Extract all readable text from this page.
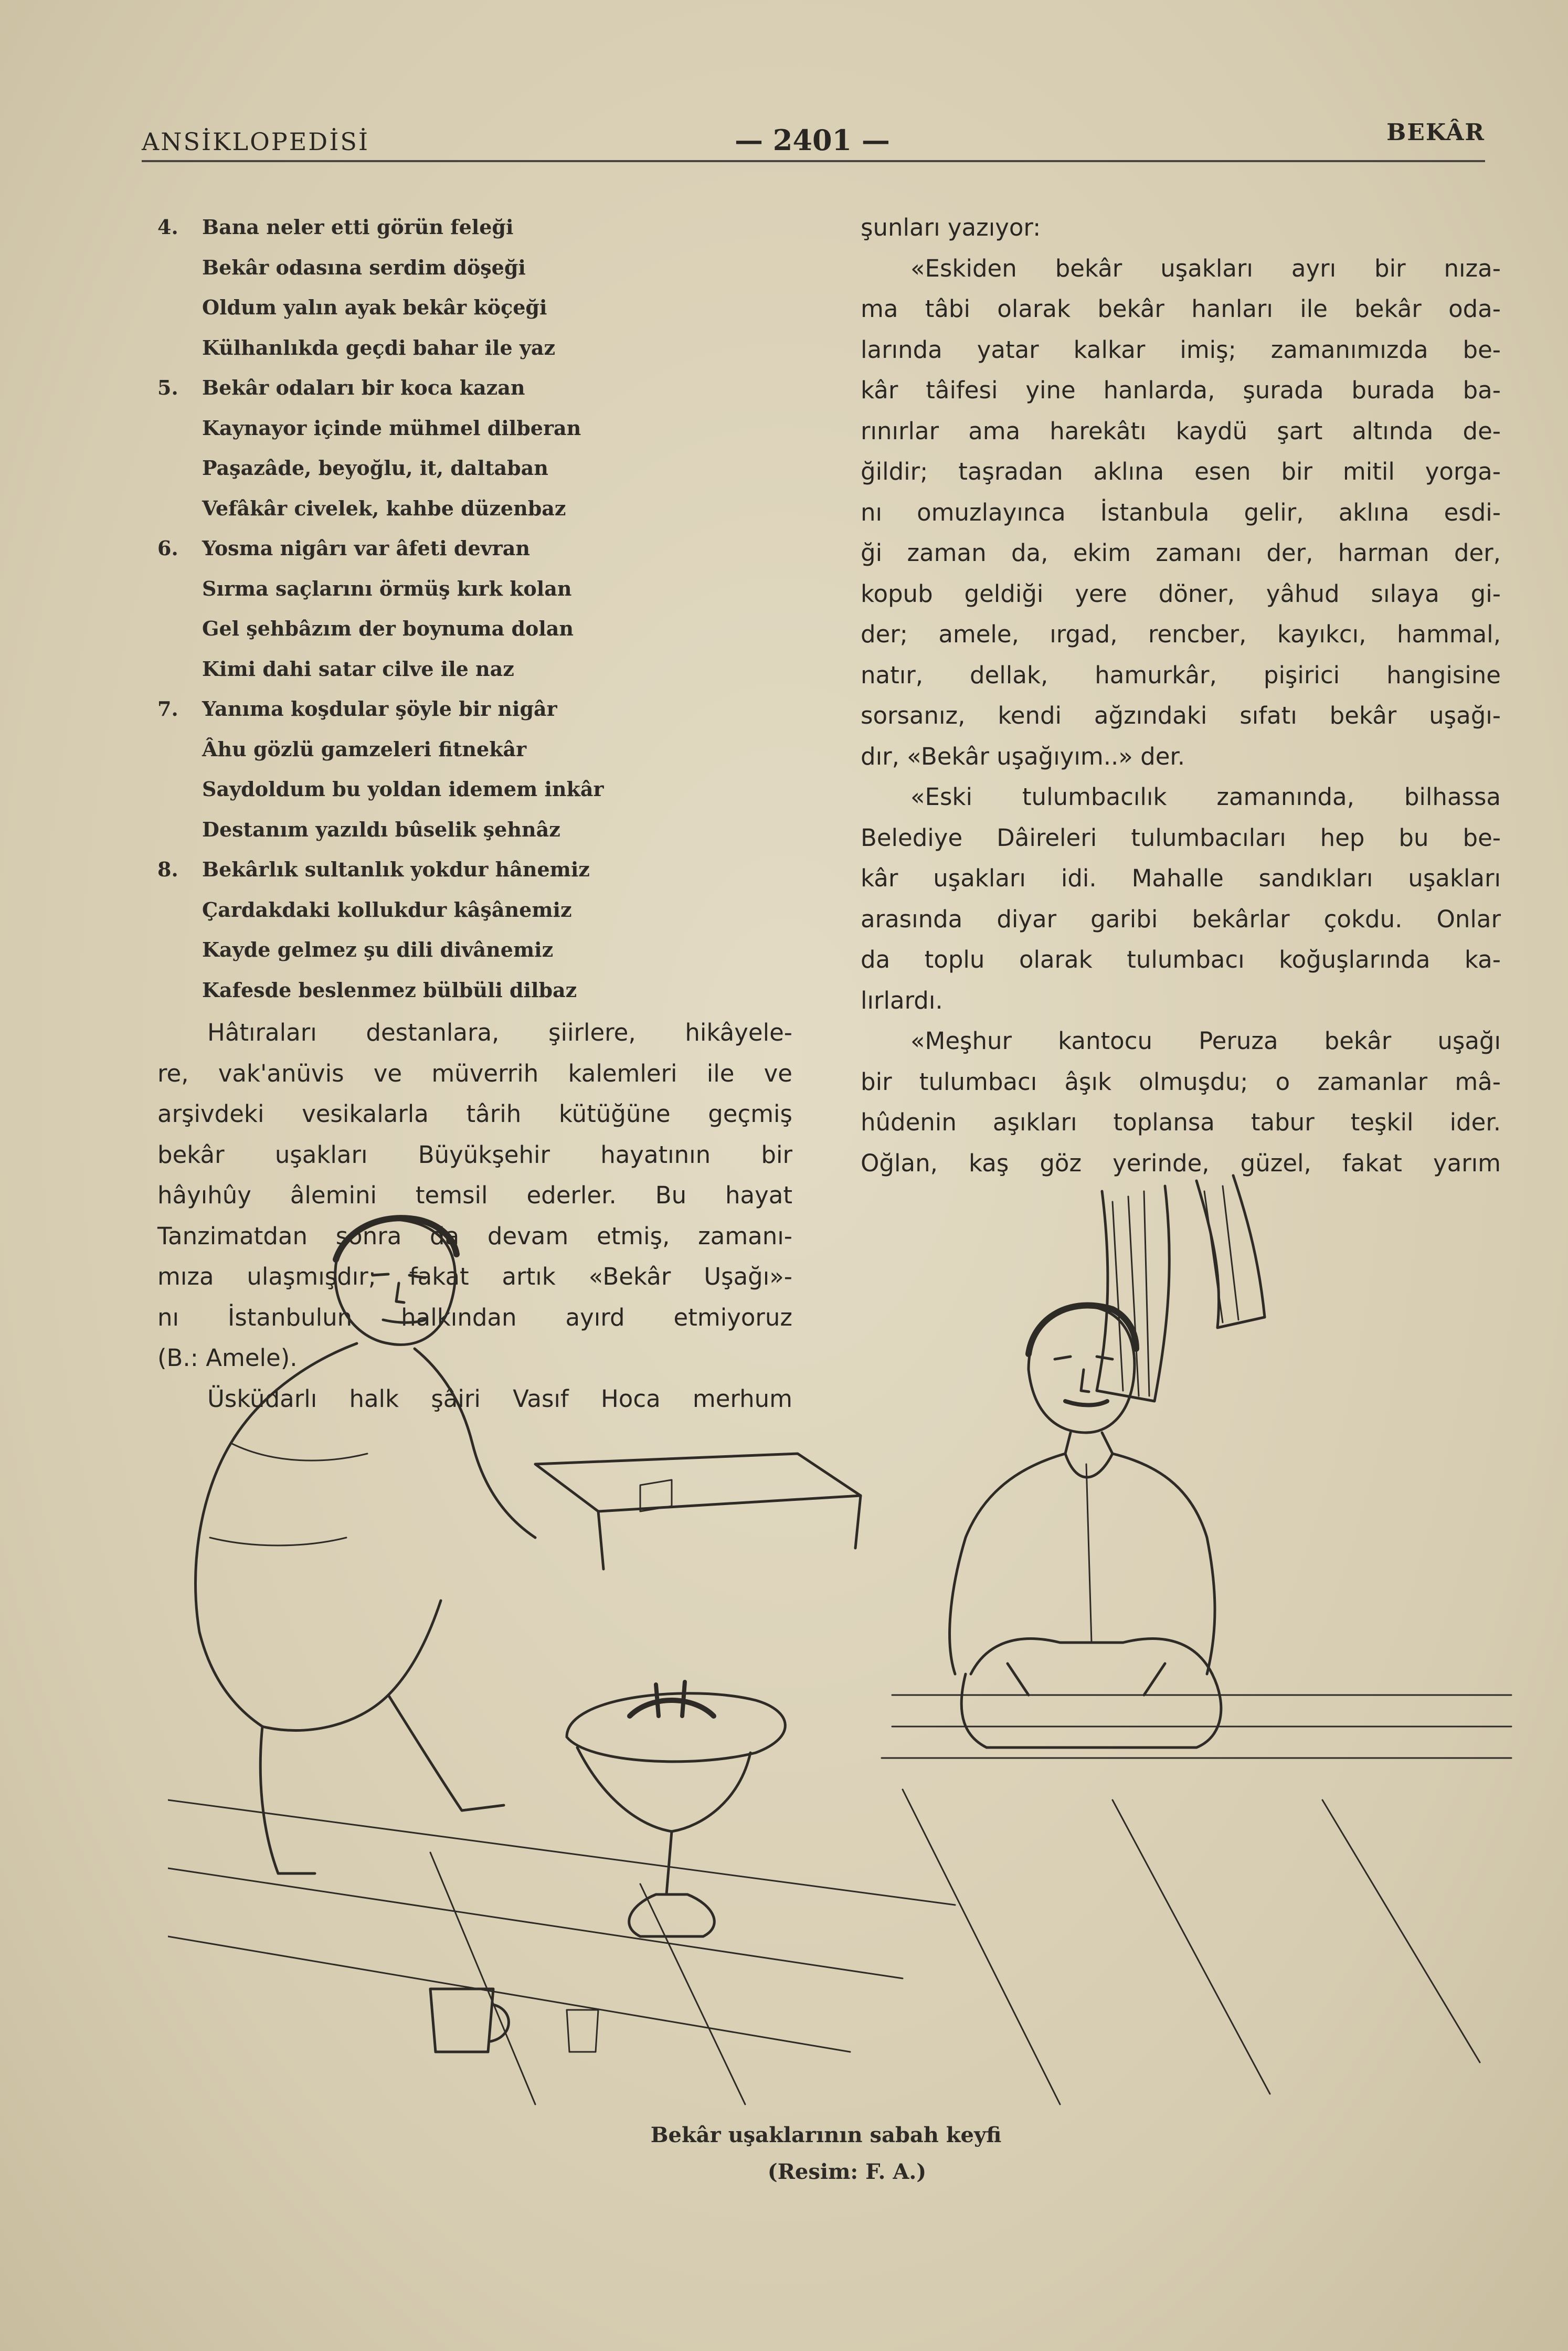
ANSİKLOPEDİSİ	— 2401 —	BEKÂR
4. Bana neler etti görün feleği
Bekâr odasına serdim döşeği
Oldum yalın ayak bekâr köçeği
Külhanlıkda geçdi bahar ile yaz
5. Bekâr odaları bir koca kazan
Kaynayor içinde mühmel dilberan
Paşazâde, beyoğlu, it, daltaban
Vefâkâr civelek, kahbe düzenbaz
6. Yosma nigârı var âfeti devran
Sırma saçlarını örmüş kırk kolan
Gel şehbâzım der boynuma dolan
Kimi dahi satar cilve ile naz
7. Yanıma koşdular şöyle bir nigâr
Âhu gözlü gamzeleri fitnekâr
Saydoldum bu yoldan idemem inkâr
Destanım yazıldı bûselik şehnâz
8. Bekârlık sultanlık yokdur hânemiz
Çardakdaki kollukdur kâşânemiz
Kayde gelmez şu dili divânemiz
Kafesde beslenmez bülbüli dilbaz
Hâtıraları destanlara, şiirlere, hikâyele-
re, vak'anüvis ve müverrih kalemleri ile ve
arşivdeki vesikalarla târih kütüğüne geçmiş
bekâr uşakları Büyükşehir hayatının bir
hâyıhûy âlemini temsil ederler. Bu hayat
Tanzimatdan sonra da devam etmiş, zamanı-
mıza ulaşmışdır; fakat artık «Bekâr Uşağı»-
nı İstanbulun halkından ayırd etmiyoruz
(B.: Amele).
Üsküdarlı halk şâiri Vasıf Hoca merhum
şunları yazıyor:
«Eskiden bekâr uşakları ayrı bir nıza-
ma tâbi olarak bekâr hanları ile bekâr oda-
larında yatar kalkar imiş; zamanımızda be-
kâr tâifesi yine hanlarda, şurada burada ba-
rınırlar ama harekâtı kaydü şart altında de-
ğildir; taşradan aklına esen bir mitil yorga-
nı omuzlayınca İstanbula gelir, aklına esdi-
ği zaman da, ekim zamanı der, harman der,
kopub geldiği yere döner, yâhud sılaya gi-
der; amele, ırgad, rencber, kayıkcı, hammal,
natır, dellak, hamurkâr, pişirici hangisine
sorsanız, kendi ağzındaki sıfatı bekâr uşağı-
dır, «Bekâr uşağıyım..» der.
«Eski tulumbacılık zamanında, bilhassa
Belediye Dâireleri tulumbacıları hep bu be-
kâr uşakları idi. Mahalle sandıkları uşakları
arasında diyar garibi bekârlar çokdu. Onlar
da toplu olarak tulumbacı koğuşlarında ka-
lırlardı.
«Meşhur kantocu Peruza bekâr uşağı
bir tulumbacı âşık olmuşdu; o zamanlar mâ-
hûdenin aşıkları toplansa tabur teşkil ider.
Oğlan, kaş göz yerinde, güzel, fakat yarım
Bekâr uşaklarının sabah keyfi
(Resim: F. A.)
